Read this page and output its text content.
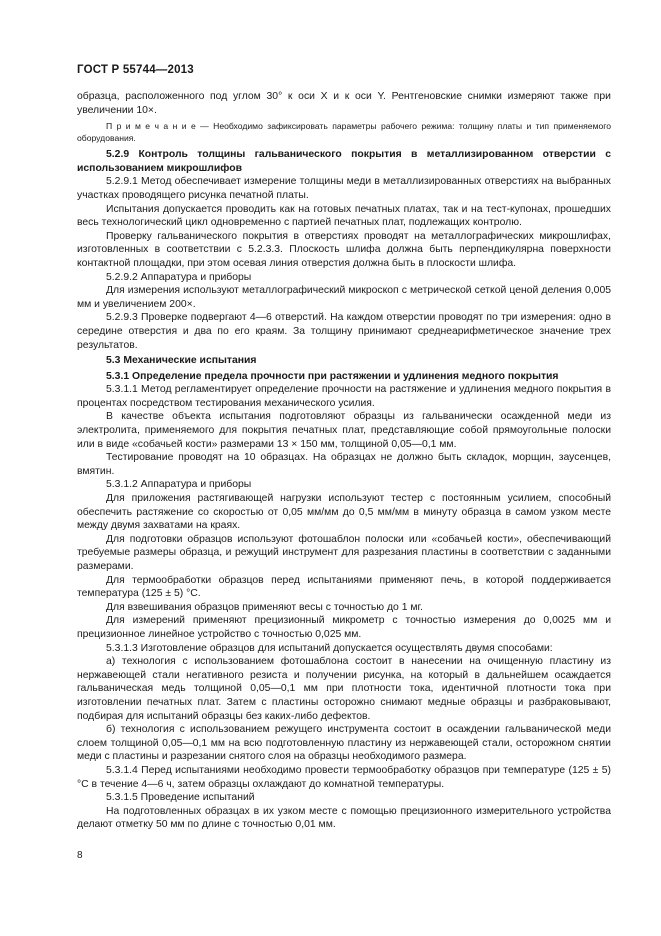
ГОСТ Р 55744—2013

образца, расположенного под углом 30° к оси X и к оси Y. Рентгеновские снимки измеряют также при увеличении 10×.

П р и м е ч а н и е — Необходимо зафиксировать параметры рабочего режима: толщину платы и тип применяемого оборудования.

5.2.9 Контроль толщины гальванического покрытия в металлизированном отверстии с использованием микрошлифов

5.2.9.1 Метод обеспечивает измерение толщины меди в металлизированных отверстиях на выбранных участках проводящего рисунка печатной платы.

Испытания допускается проводить как на готовых печатных платах, так и на тест-купонах, прошедших весь технологический цикл одновременно с партией печатных плат, подлежащих контролю.

Проверку гальванического покрытия в отверстиях проводят на металлографических микрошлифах, изготовленных в соответствии с 5.2.3.3. Плоскость шлифа должна быть перпендикулярна поверхности контактной площадки, при этом осевая линия отверстия должна быть в плоскости шлифа.

5.2.9.2 Аппаратура и приборы

Для измерения используют металлографический микроскоп с метрической сеткой ценой деления 0,005 мм и увеличением 200×.

5.2.9.3 Проверке подвергают 4—6 отверстий. На каждом отверстии проводят по три измерения: одно в середине отверстия и два по его краям. За толщину принимают среднеарифметическое значение трех результатов.

5.3 Механические испытания

5.3.1 Определение предела прочности при растяжении и удлинения медного покрытия

5.3.1.1 Метод регламентирует определение прочности на растяжение и удлинения медного покрытия в процентах посредством тестирования механического усилия.

В качестве объекта испытания подготовляют образцы из гальванически осажденной меди из электролита, применяемого для покрытия печатных плат, представляющие собой прямоугольные полоски или в виде «собачьей кости» размерами 13 × 150 мм, толщиной 0,05—0,1 мм.

Тестирование проводят на 10 образцах. На образцах не должно быть складок, морщин, заусенцев, вмятин.

5.3.1.2 Аппаратура и приборы

Для приложения растягивающей нагрузки используют тестер с постоянным усилием, способный обеспечить растяжение со скоростью от 0,05 мм/мм до 0,5 мм/мм в минуту образца в самом узком месте между двумя захватами на краях.

Для подготовки образцов используют фотошаблон полоски или «собачьей кости», обеспечивающий требуемые размеры образца, и режущий инструмент для разрезания пластины в соответствии с заданными размерами.

Для термообработки образцов перед испытаниями применяют печь, в которой поддерживается температура (125 ± 5) °С.

Для взвешивания образцов применяют весы с точностью до 1 мг.

Для измерений применяют прецизионный микрометр с точностью измерения до 0,0025 мм и прецизионное линейное устройство с точностью 0,025 мм.

5.3.1.3 Изготовление образцов для испытаний допускается осуществлять двумя способами:

а) технология с использованием фотошаблона состоит в нанесении на очищенную пластину из нержавеющей стали негативного резиста и получении рисунка, на который в дальнейшем осаждается гальваническая медь толщиной 0,05—0,1 мм при плотности тока, идентичной плотности тока при изготовлении печатных плат. Затем с пластины осторожно снимают медные образцы и разбраковывают, подбирая для испытаний образцы без каких-либо дефектов.

б) технология с использованием режущего инструмента состоит в осаждении гальванической меди слоем толщиной 0,05—0,1 мм на всю подготовленную пластину из нержавеющей стали, осторожном снятии меди с пластины и разрезании снятого слоя на образцы необходимого размера.

5.3.1.4 Перед испытаниями необходимо провести термообработку образцов при температуре (125 ± 5) °С в течение 4—6 ч, затем образцы охлаждают до комнатной температуры.

5.3.1.5 Проведение испытаний

На подготовленных образцах в их узком месте с помощью прецизионного измерительного устройства делают отметку 50 мм по длине с точностью 0,01 мм.

8
